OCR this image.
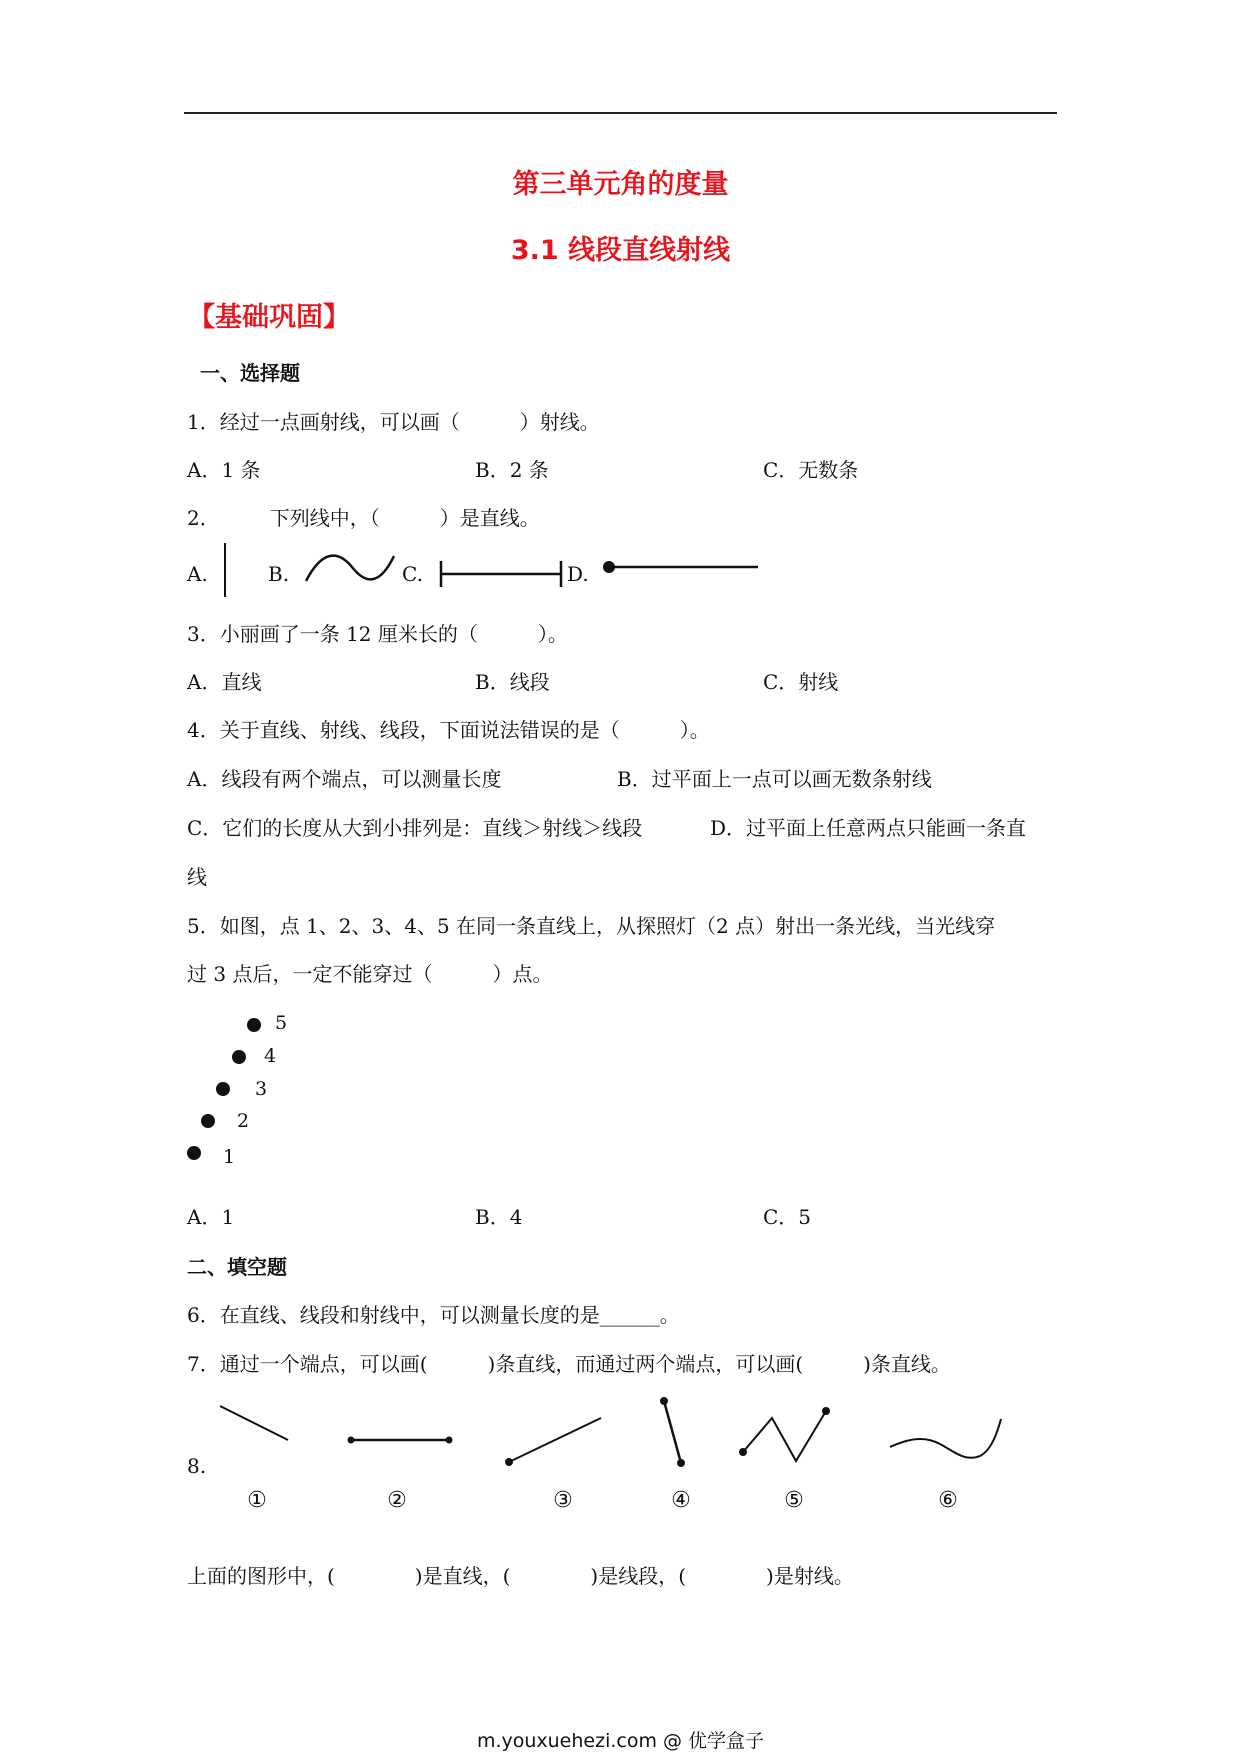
第三单元角的度量
3.1 线段直线射线
【基础巩固】
一、选择题
1．经过一点画射线，可以画（　　　）射线。
A．1 条	B．2 条	C．无数条
2．　　　下列线中，（　　　）是直线。
A.	B.	C.	D.
3．小丽画了一条 12 厘米长的（　　　）。
A．直线	B．线段	C．射线
4．关于直线、射线、线段，下面说法错误的是（　　　）。
A．线段有两个端点，可以测量长度	B．过平面上一点可以画无数条射线
C．它们的长度从大到小排列是：直线＞射线＞线段	D．过平面上任意两点只能画一条直
线
5．如图，点 1、2、3、4、5 在同一条直线上，从探照灯（2 点）射出一条光线，当光线穿
过 3 点后，一定不能穿过（　　　）点。
5
4
3
2
1
A．1	B．4	C．5
二、填空题
6．在直线、线段和射线中，可以测量长度的是______。
7．通过一个端点，可以画(　　　)条直线，而通过两个端点，可以画(　　　)条直线。
8.
①	②	③	④	⑤	⑥
上面的图形中，(　　　　)是直线，(　　　　)是线段，(　　　　)是射线。
m.youxuehezi.com @ 优学盒子
